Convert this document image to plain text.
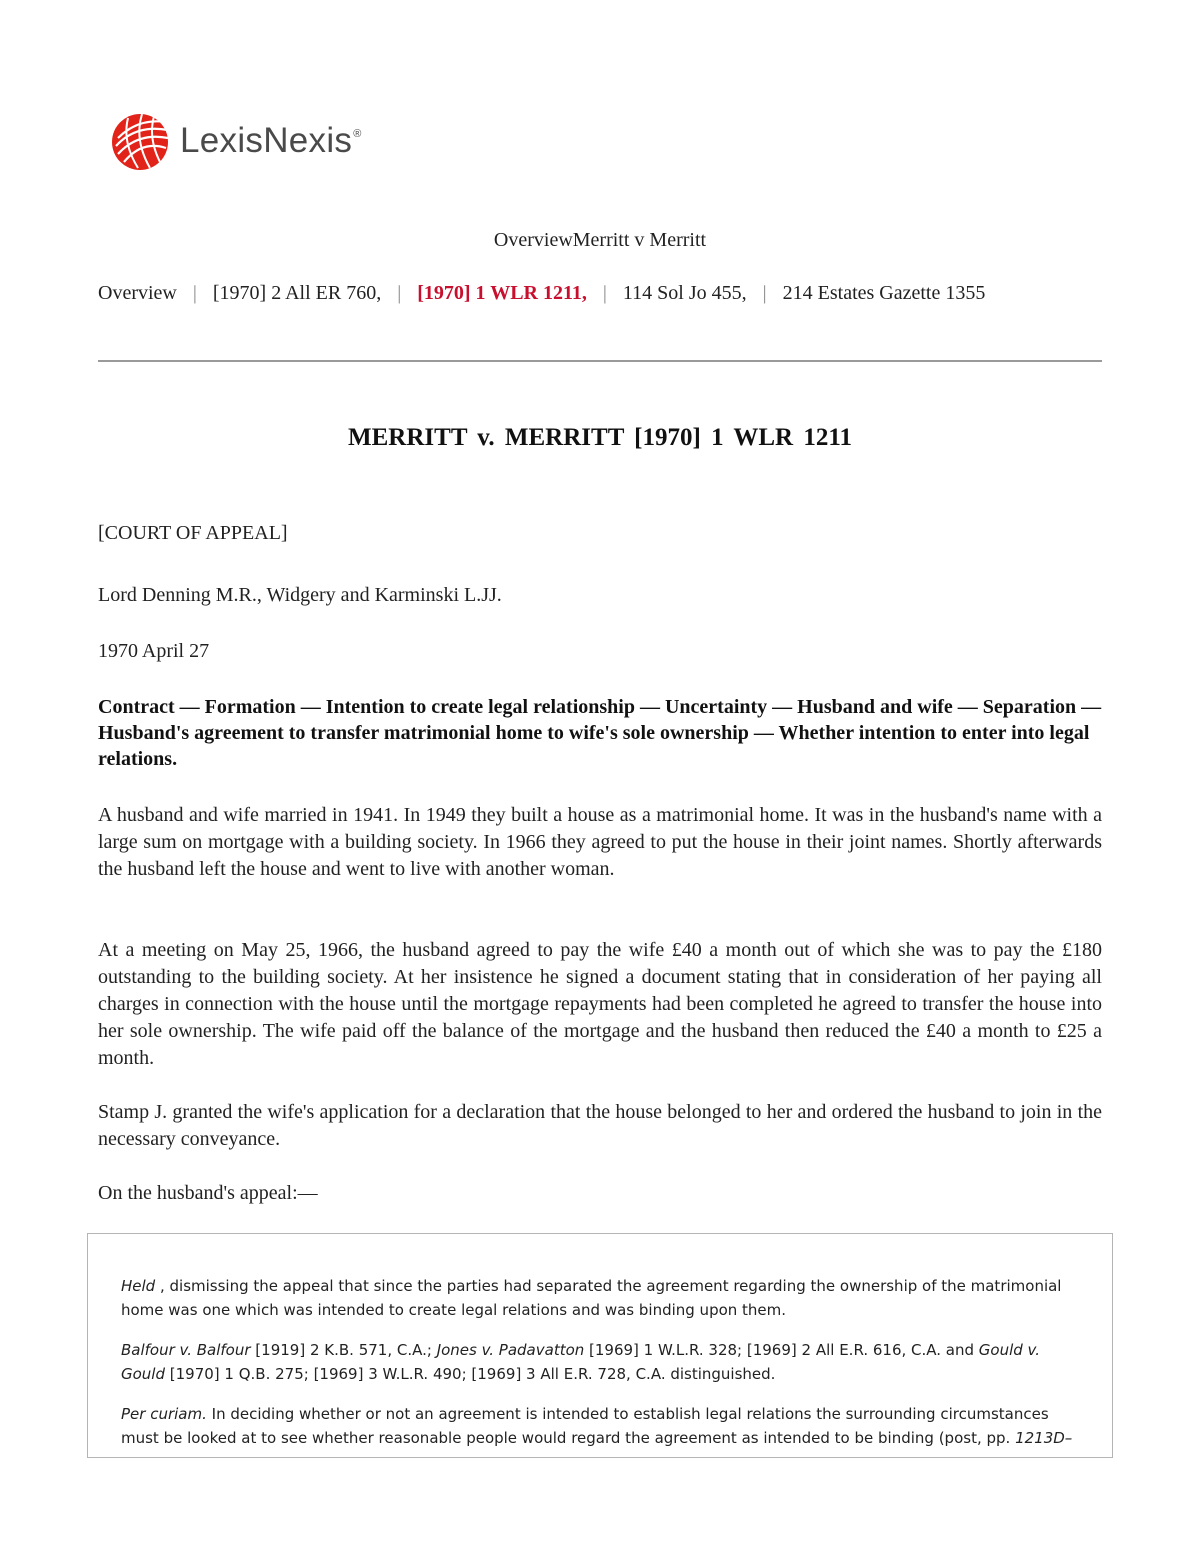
LexisNexis®
OverviewMerritt v Merritt
Overview | [1970] 2 All ER 760, | [1970] 1 WLR 1211, | 114 Sol Jo 455, | 214 Estates Gazette 1355
MERRITT v. MERRITT [1970] 1 WLR 1211
[COURT OF APPEAL]
Lord Denning M.R., Widgery and Karminski L.JJ.
1970 April 27
Contract — Formation — Intention to create legal relationship — Uncertainty — Husband and wife — Separation — Husband's agreement to transfer matrimonial home to wife's sole ownership — Whether intention to enter into legal relations.

A husband and wife married in 1941. In 1949 they built a house as a matrimonial home. It was in the husband's name with a large sum on mortgage with a building society. In 1966 they agreed to put the house in their joint names. Shortly afterwards the husband left the house and went to live with another woman.

At a meeting on May 25, 1966, the husband agreed to pay the wife £40 a month out of which she was to pay the £180 outstanding to the building society. At her insistence he signed a document stating that in consideration of her paying all charges in connection with the house until the mortgage repayments had been completed he agreed to transfer the house into her sole ownership. The wife paid off the balance of the mortgage and the husband then reduced the £40 a month to £25 a month.

Stamp J. granted the wife's application for a declaration that the house belonged to her and ordered the husband to join in the necessary conveyance.

On the husband's appeal:—

Held , dismissing the appeal that since the parties had separated the agreement regarding the ownership of the matrimonial home was one which was intended to create legal relations and was binding upon them.

Balfour v. Balfour [1919] 2 K.B. 571, C.A.; Jones v. Padavatton [1969] 1 W.L.R. 328; [1969] 2 All E.R. 616, C.A. and Gould v. Gould [1970] 1 Q.B. 275; [1969] 3 W.L.R. 490; [1969] 3 All E.R. 728, C.A. distinguished.

Per curiam. In deciding whether or not an agreement is intended to establish legal relations the surrounding circumstances must be looked at to see whether reasonable people would regard the agreement as intended to be binding (post, pp. 1213D–
